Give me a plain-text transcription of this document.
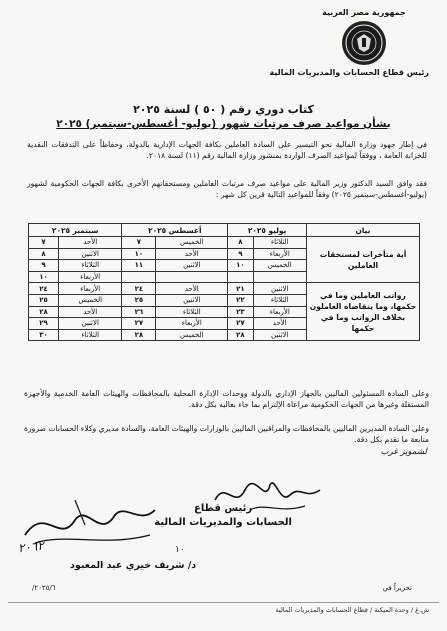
جمهورية مصر العربية
رئيس قطاع الحسابات والمديريات المالية
كتاب دوري رقم ( ٥٠ ) لسنة ٢٠٢٥
بشأن مواعيد صرف مرتبات شهور (يوليو- أغسطس-سبتمبر) ٢٠٢٥
في إطار جهود وزارة المالية نحو التيسير على السادة العاملين بكافة الجهات الإدارية بالدولة، وحفاظاً على التدفقات النقدية للخزانة العامة ، ووفقاً لمواعيد الصرف الواردة بمنشور وزارة المالية رقم (١١) لسنة ٢٠١٨.
فقد وافق السيد الدكتور وزير المالية على مواعيد صرف مرتبات العاملين ومستحقاتهم الأخرى بكافة الجهات الحكومية لشهور (يوليو-أغسطس-سبتمبر ٢٠٢٥) وفقاً للمواعيد التالية قرين كل شهر :
بيان	يوليو ٢٠٢٥		أغسطس ٢٠٢٥		سبتمبر ٢٠٢٥	
أية متأخرات لمستحقات العاملين	الثلاثاء	٨	الخميس	٧	الأحد	٧
	الأربعاء	٩	الأحد	١٠	الاثنين	٨
	الخميس	١٠	الاثنين	١١	الثلاثاء	٩
					الأربعاء	١٠
رواتب العاملين وما في حكمها، وما يتقاضاه العاملون بخلاف الرواتب وما في حكمها	الاثنين	٢١	الأحد	٢٤	الأربعاء	٢٤
	الثلاثاء	٢٢	الاثنين	٢٥	الخميس	٢٥
	الأربعاء	٢٣	الثلاثاء	٢٦	الأحد	٢٨
	الأحد	٢٧	الأربعاء	٢٧	الاثنين	٢٩
	الاثنين	٢٨	الخميس	٢٨	الثلاثاء	٣٠
وعلى السادة المسئولين الماليين بالجهاز الإداري بالدولة ووحدات الإدارة المحلية بالمحافظات والهيئات العامة الخدمية والأجهزة المستقلة وغيرها من الجهات الحكومية مراعاة الإلتزام بما جاء بعاليه بكل دقة.
وعلى السادة المديرين الماليين بالمحافظات والمراقبين الماليين بالوزارات والهيئات العامة، والسادة مديري وكلاء الحسابات ضرورة متابعة ما تقدم بكل دقة.
لشمويز غرب
رئيس قطاع
الحسابات والمديريات المالية
٢٠٦٢	١٠
د/ شريف خيري عبد المعبود
٢٠٢٥/٦/	تحريراً في
ش.غ / وحدة الميكنة / قطاع الحسابات والمديريات المالية
